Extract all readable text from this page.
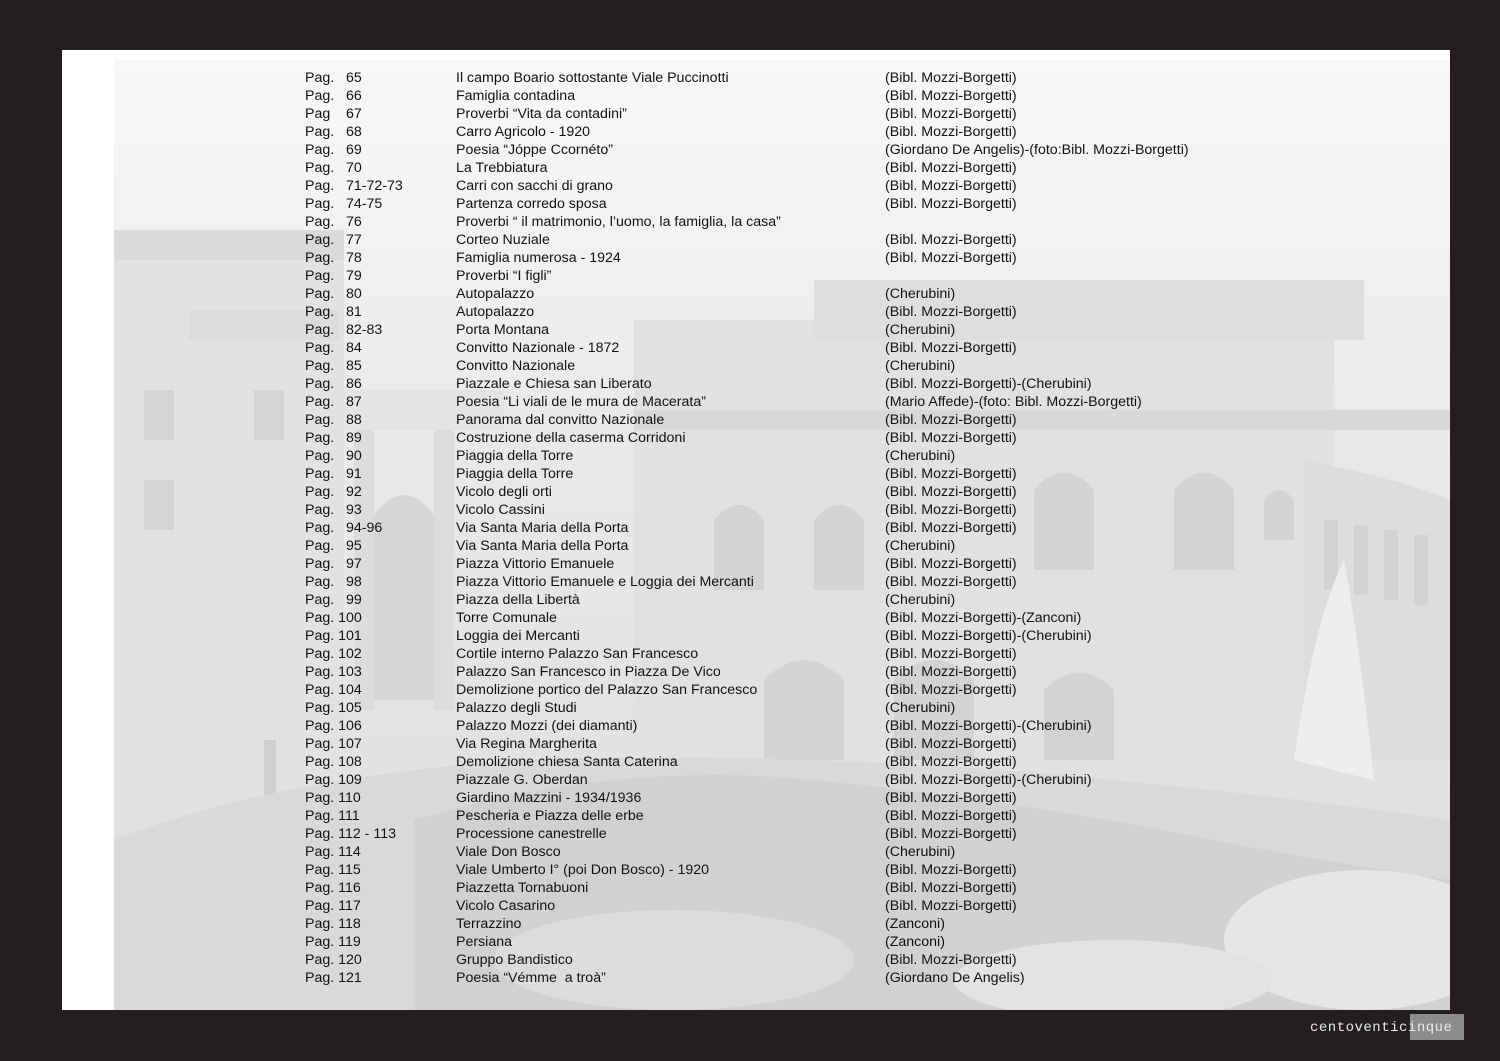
Pag.   65	Il campo Boario sottostante Viale Puccinotti	(Bibl. Mozzi-Borgetti)
Pag.   66	Famiglia contadina	(Bibl. Mozzi-Borgetti)
Pag    67	Proverbi “Vita da contadini”	(Bibl. Mozzi-Borgetti)
Pag.   68	Carro Agricolo - 1920	(Bibl. Mozzi-Borgetti)
Pag.   69	Poesia “Jóppe Ccornéto”	(Giordano De Angelis)-(foto:Bibl. Mozzi-Borgetti)
Pag.   70	La Trebbiatura	(Bibl. Mozzi-Borgetti)
Pag.   71-72-73	Carri con sacchi di grano	(Bibl. Mozzi-Borgetti)
Pag.   74-75	Partenza corredo sposa	(Bibl. Mozzi-Borgetti)
Pag.   76	Proverbi “ il matrimonio, l’uomo, la famiglia, la casa”
Pag.   77	Corteo Nuziale	(Bibl. Mozzi-Borgetti)
Pag.   78	Famiglia numerosa - 1924	(Bibl. Mozzi-Borgetti)
Pag.   79	Proverbi “I figli”
Pag.   80	Autopalazzo	(Cherubini)
Pag.   81	Autopalazzo	(Bibl. Mozzi-Borgetti)
Pag.   82-83	Porta Montana	(Cherubini)
Pag.   84	Convitto Nazionale - 1872	(Bibl. Mozzi-Borgetti)
Pag.   85	Convitto Nazionale	(Cherubini)
Pag.   86	Piazzale e Chiesa san Liberato	(Bibl. Mozzi-Borgetti)-(Cherubini)
Pag.   87	Poesia “Li viali de le mura de Macerata”	(Mario Affede)-(foto: Bibl. Mozzi-Borgetti)
Pag.   88	Panorama dal convitto Nazionale	(Bibl. Mozzi-Borgetti)
Pag.   89	Costruzione della caserma Corridoni	(Bibl. Mozzi-Borgetti)
Pag.   90	Piaggia della Torre	(Cherubini)
Pag.   91	Piaggia della Torre	(Bibl. Mozzi-Borgetti)
Pag.   92	Vicolo degli orti	(Bibl. Mozzi-Borgetti)
Pag.   93	Vicolo Cassini	(Bibl. Mozzi-Borgetti)
Pag.   94-96	Via Santa Maria della Porta	(Bibl. Mozzi-Borgetti)
Pag.   95	Via Santa Maria della Porta	(Cherubini)
Pag.   97	Piazza Vittorio Emanuele	(Bibl. Mozzi-Borgetti)
Pag.   98	Piazza Vittorio Emanuele e Loggia dei Mercanti	(Bibl. Mozzi-Borgetti)
Pag.   99	Piazza della Libertà	(Cherubini)
Pag. 100	Torre Comunale	(Bibl. Mozzi-Borgetti)-(Zanconi)
Pag. 101	Loggia dei Mercanti	(Bibl. Mozzi-Borgetti)-(Cherubini)
Pag. 102	Cortile interno Palazzo San Francesco	(Bibl. Mozzi-Borgetti)
Pag. 103	Palazzo San Francesco in Piazza De Vico	(Bibl. Mozzi-Borgetti)
Pag. 104	Demolizione portico del Palazzo San Francesco	(Bibl. Mozzi-Borgetti)
Pag. 105	Palazzo degli Studi	(Cherubini)
Pag. 106	Palazzo Mozzi (dei diamanti)	(Bibl. Mozzi-Borgetti)-(Cherubini)
Pag. 107	Via Regina Margherita	(Bibl. Mozzi-Borgetti)
Pag. 108	Demolizione chiesa Santa Caterina	(Bibl. Mozzi-Borgetti)
Pag. 109	Piazzale G. Oberdan	(Bibl. Mozzi-Borgetti)-(Cherubini)
Pag. 110	Giardino Mazzini - 1934/1936	(Bibl. Mozzi-Borgetti)
Pag. 111	Pescheria e Piazza delle erbe	(Bibl. Mozzi-Borgetti)
Pag. 112 - 113	Processione canestrelle	(Bibl. Mozzi-Borgetti)
Pag. 114	Viale Don Bosco	(Cherubini)
Pag. 115	Viale Umberto I° (poi Don Bosco) - 1920	(Bibl. Mozzi-Borgetti)
Pag. 116	Piazzetta Tornabuoni	(Bibl. Mozzi-Borgetti)
Pag. 117	Vicolo Casarino	(Bibl. Mozzi-Borgetti)
Pag. 118	Terrazzino	(Zanconi)
Pag. 119	Persiana	(Zanconi)
Pag. 120	Gruppo Bandistico	(Bibl. Mozzi-Borgetti)
Pag. 121	Poesia “Vémme  a troà”	(Giordano De Angelis)
centoventicinque
